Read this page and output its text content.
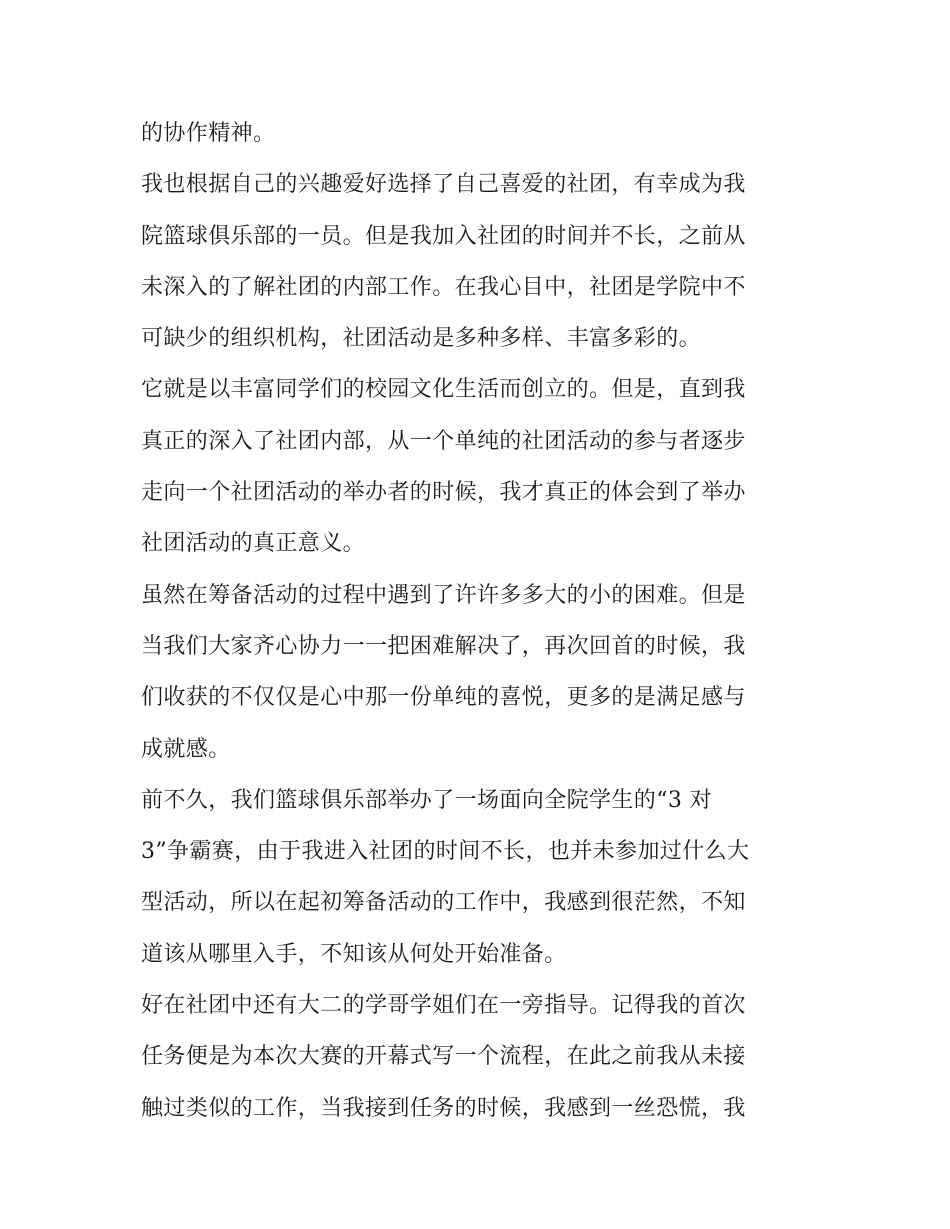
的协作精神。
我也根据自己的兴趣爱好选择了自己喜爱的社团，有幸成为我
院篮球俱乐部的一员。但是我加入社团的时间并不长，之前从
未深入的了解社团的内部工作。在我心目中，社团是学院中不
可缺少的组织机构，社团活动是多种多样、丰富多彩的。
它就是以丰富同学们的校园文化生活而创立的。但是，直到我
真正的深入了社团内部，从一个单纯的社团活动的参与者逐步
走向一个社团活动的举办者的时候，我才真正的体会到了举办
社团活动的真正意义。
虽然在筹备活动的过程中遇到了许许多多大的小的困难。但是
当我们大家齐心协力一一把困难解决了，再次回首的时候，我
们收获的不仅仅是心中那一份单纯的喜悦，更多的是满足感与
成就感。
前不久，我们篮球俱乐部举办了一场面向全院学生的“3 对
3”争霸赛，由于我进入社团的时间不长，也并未参加过什么大
型活动，所以在起初筹备活动的工作中，我感到很茫然，不知
道该从哪里入手，不知该从何处开始准备。
好在社团中还有大二的学哥学姐们在一旁指导。记得我的首次
任务便是为本次大赛的开幕式写一个流程，在此之前我从未接
触过类似的工作，当我接到任务的时候，我感到一丝恐慌，我
